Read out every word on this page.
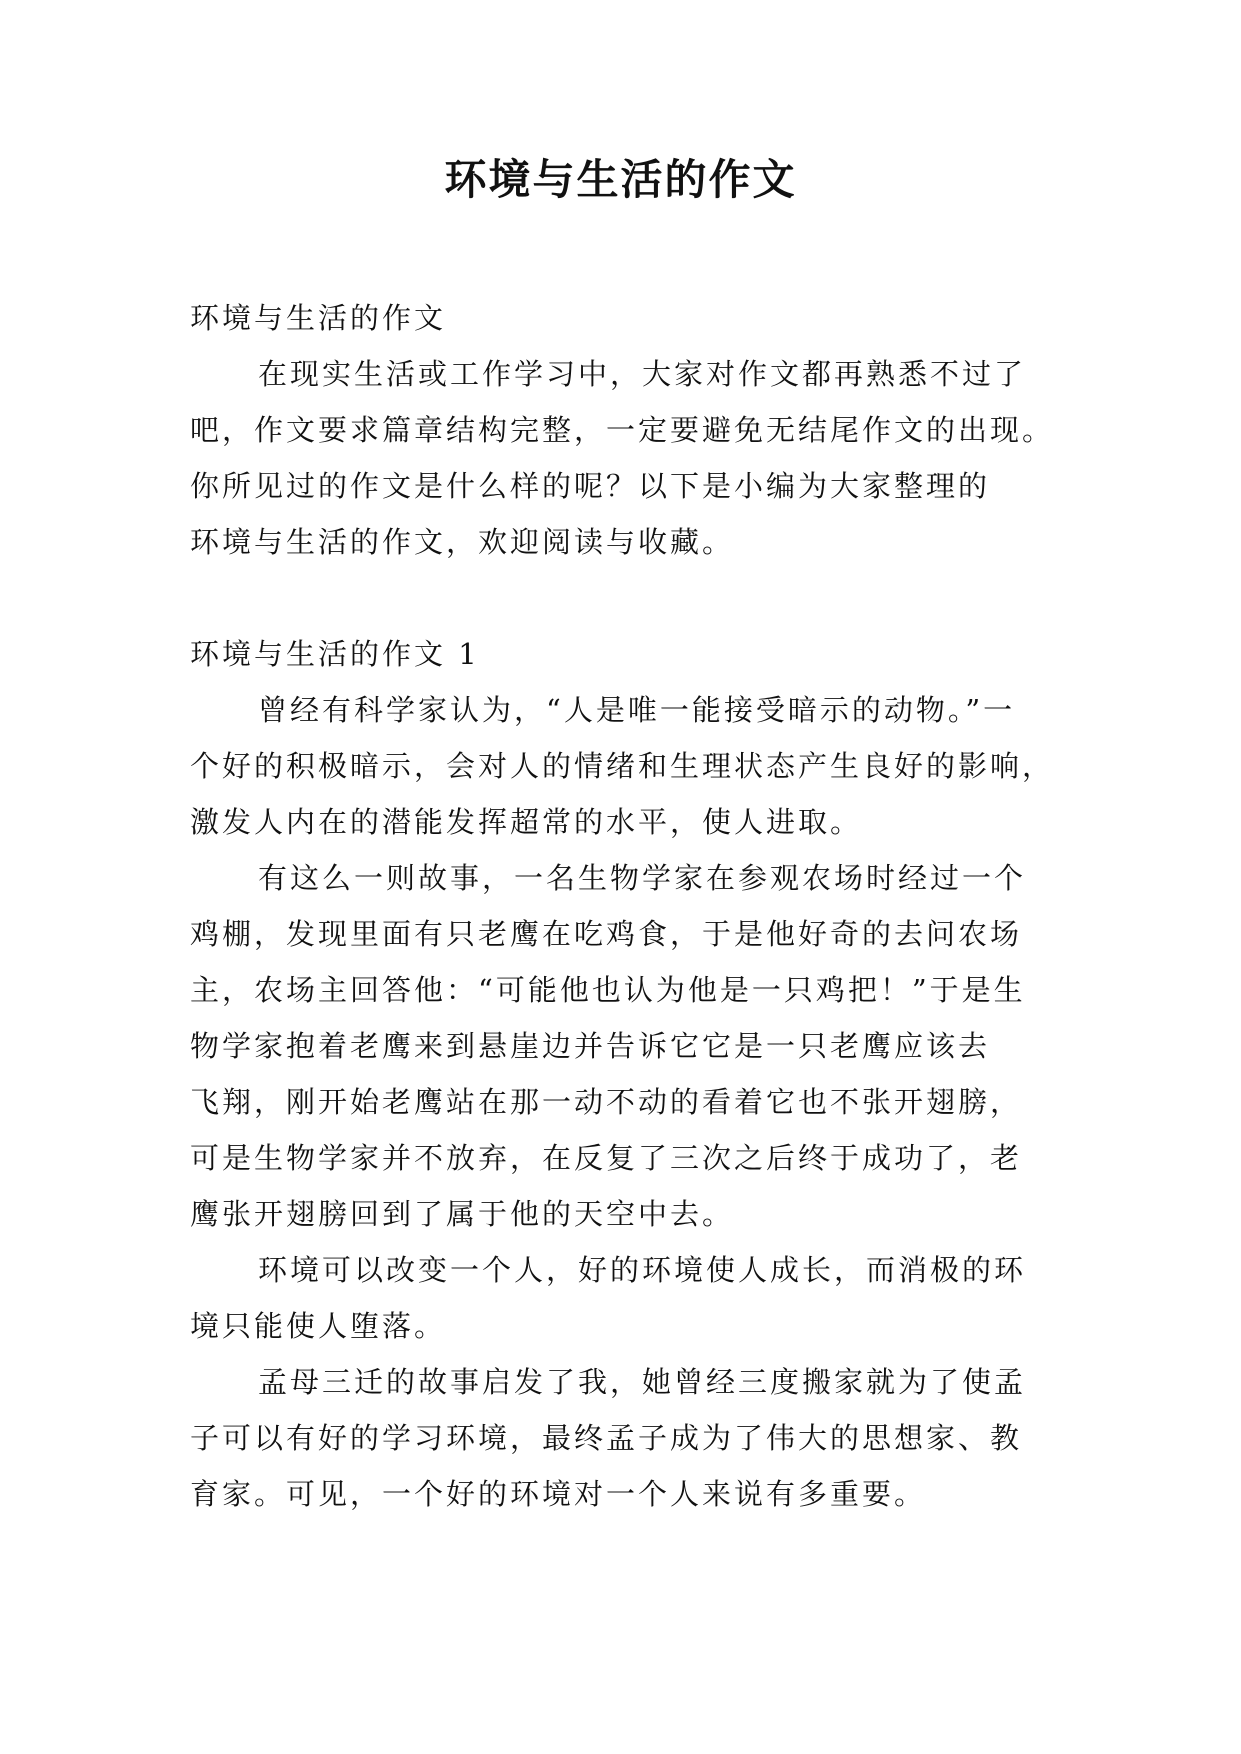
环境与生活的作文
环境与生活的作文
在现实生活或工作学习中，大家对作文都再熟悉不过了
吧，作文要求篇章结构完整，一定要避免无结尾作文的出现。
你所见过的作文是什么样的呢？以下是小编为大家整理的
环境与生活的作文，欢迎阅读与收藏。
环境与生活的作文 1
曾经有科学家认为，“人是唯一能接受暗示的动物。”一
个好的积极暗示，会对人的情绪和生理状态产生良好的影响，
激发人内在的潜能发挥超常的水平，使人进取。
有这么一则故事，一名生物学家在参观农场时经过一个
鸡棚，发现里面有只老鹰在吃鸡食，于是他好奇的去问农场
主，农场主回答他：“可能他也认为他是一只鸡把！”于是生
物学家抱着老鹰来到悬崖边并告诉它它是一只老鹰应该去
飞翔，刚开始老鹰站在那一动不动的看着它也不张开翅膀，
可是生物学家并不放弃，在反复了三次之后终于成功了，老
鹰张开翅膀回到了属于他的天空中去。
环境可以改变一个人，好的环境使人成长，而消极的环
境只能使人堕落。
孟母三迁的故事启发了我，她曾经三度搬家就为了使孟
子可以有好的学习环境，最终孟子成为了伟大的思想家、教
育家。可见，一个好的环境对一个人来说有多重要。
